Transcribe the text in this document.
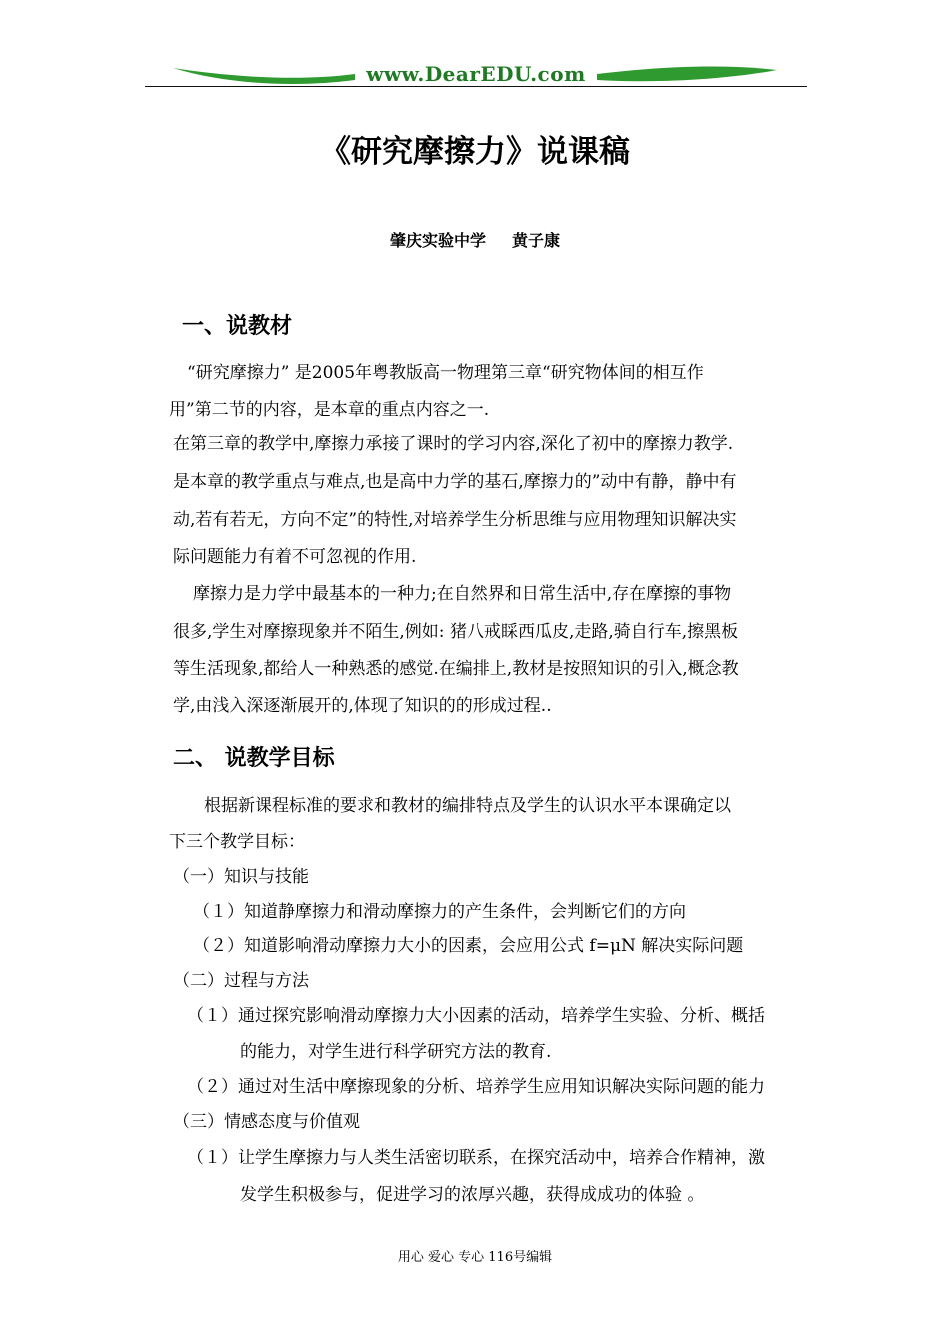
www.DearEDU.com
《研究摩擦力》说课稿
肇庆实验中学 黄子康
一、说教材
“研究摩擦力” 是2005年粤教版高一物理第三章“研究物体间的相互作
用”第二节的内容，是本章的重点内容之一.
在第三章的教学中,摩擦力承接了课时的学习内容,深化了初中的摩擦力教学.
是本章的教学重点与难点,也是高中力学的基石,摩擦力的”动中有静，静中有
动,若有若无，方向不定”的特性,对培养学生分析思维与应用物理知识解决实
际问题能力有着不可忽视的作用.
摩擦力是力学中最基本的一种力;在自然界和日常生活中,存在摩擦的事物
很多,学生对摩擦现象并不陌生,例如: 猪八戒睬西瓜皮,走路,骑自行车,擦黑板
等生活现象,都给人一种熟悉的感觉.在编排上,教材是按照知识的引入,概念教
学,由浅入深逐渐展开的,体现了知识的的形成过程..
二、 说教学目标
根据新课程标准的要求和教材的编排特点及学生的认识水平本课确定以
下三个教学目标：
（一）知识与技能
（１）知道静摩擦力和滑动摩擦力的产生条件，会判断它们的方向
（２）知道影响滑动摩擦力大小的因素，会应用公式 f=μN 解决实际问题
（二）过程与方法
（１）通过探究影响滑动摩擦力大小因素的活动，培养学生实验、分析、概括
的能力，对学生进行科学研究方法的教育.
（２）通过对生活中摩擦现象的分析、培养学生应用知识解决实际问题的能力
（三）情感态度与价值观
（１）让学生摩擦力与人类生活密切联系，在探究活动中，培养合作精神，激
发学生积极参与，促进学习的浓厚兴趣，获得成成功的体验 。
用心 爱心 专心 116号编辑
